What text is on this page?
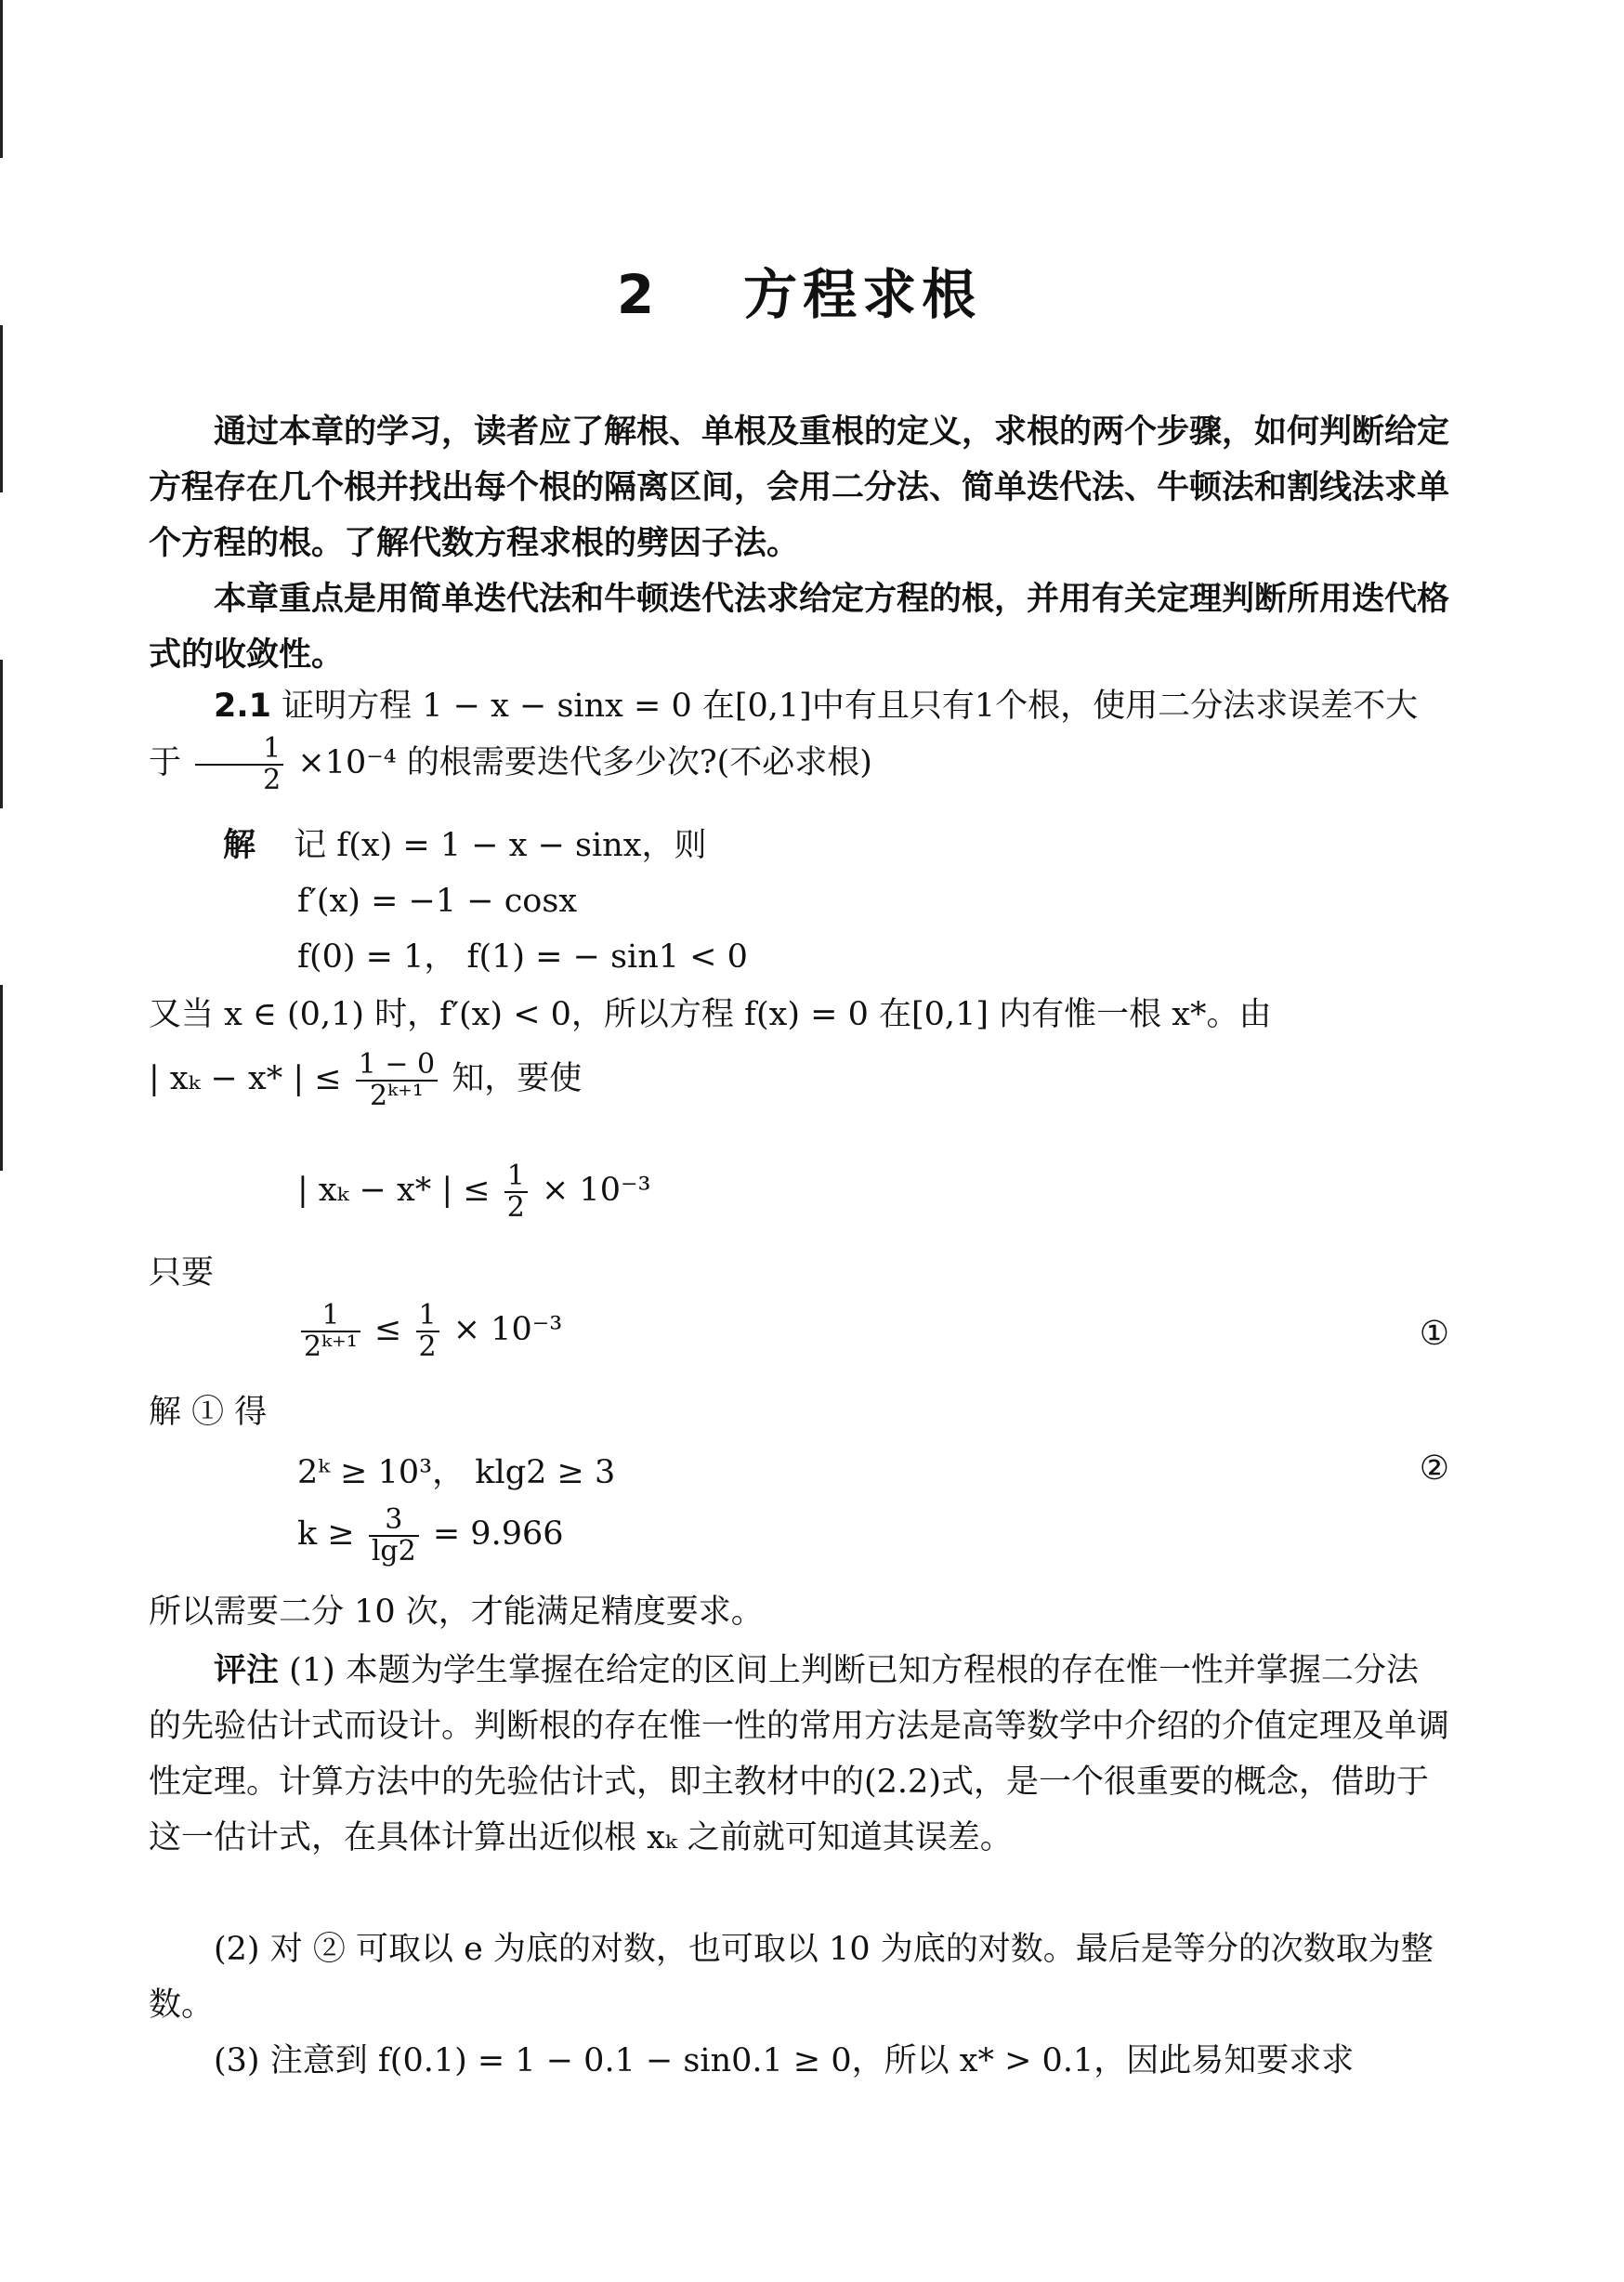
2 方程求根
通过本章的学习，读者应了解根、单根及重根的定义，求根的两个步骤，如何判断给定方程存在几个根并找出每个根的隔离区间，会用二分法、简单迭代法、牛顿法和割线法求单个方程的根。了解代数方程求根的劈因子法。
本章重点是用简单迭代法和牛顿迭代法求给定方程的根，并用有关定理判断所用迭代格式的收敛性。
2.1 证明方程 1 − x − sinx = 0 在[0,1]中有且只有1个根，使用二分法求误差不大于 $\frac{1}{2} \times 10^{-4}$ 的根需要迭代多少次?(不必求根)
解 记 f(x) = 1 − x − sinx，则
f′(x) = −1 − cosx
f(0) = 1， f(1) = − sin1 < 0
又当 x ∈ (0,1) 时，f′(x) < 0，所以方程 f(x) = 0 在[0,1] 内有惟一根 x*。由
| xₖ − x* | ≤ $\frac{1 - 0}{\text{2ᵏ⁺¹}}$ 知，要使
| xₖ − x* | ≤ $\frac{1}{2} \times 10^{-3}$
只要
$\frac{1}{\text{2ᵏ⁺¹}} \le \frac{1}{2} \times 10^{-3}$	①
解 ① 得
2ᵏ ≥ 10³， klg2 ≥ 3	②
$k \ge \frac{3}{\lg 2} = 9.966$
所以需要二分 10 次，才能满足精度要求。
评注 (1) 本题为学生掌握在给定的区间上判断已知方程根的存在惟一性并掌握二分法的先验估计式而设计。判断根的存在惟一性的常用方法是高等数学中介绍的介值定理及单调性定理。计算方法中的先验估计式，即主教材中的(2.2)式，是一个很重要的概念，借助于这一估计式，在具体计算出近似根 xₖ 之前就可知道其误差。
(2) 对 ② 可取以 e 为底的对数，也可取以 10 为底的对数。最后是等分的次数取为整数。
(3) 注意到 f(0.1) = 1 − 0.1 − sin0.1 ≥ 0，所以 x* > 0.1，因此易知要求求
